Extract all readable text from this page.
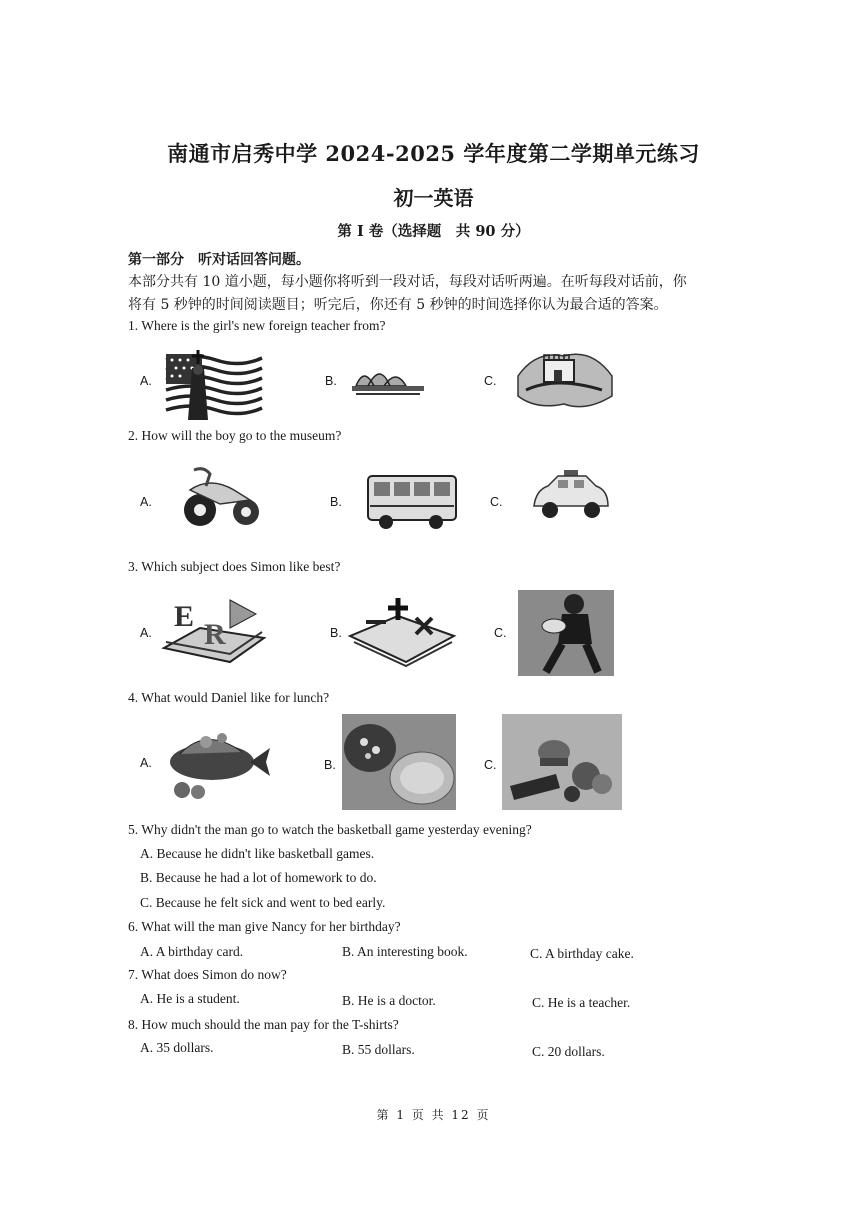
南通市启秀中学 2024-2025 学年度第二学期单元练习
初一英语
第 I 卷（选择题　共 90 分）
第一部分　听对话回答问题。
本部分共有 10 道小题，每小题你将听到一段对话，每段对话听两遍。在听每段对话前，你
将有 5 秒钟的时间阅读题目；听完后，你还有 5 秒钟的时间选择你认为最合适的答案。
1. Where is the girl's new foreign teacher from?
A.	B.	C.
2. How will the boy go to the museum?
A.	B.	C.
3. Which subject does Simon like best?
A. E
R	B.	C.
4. What would Daniel like for lunch?
A.	B.	C.
5. Why didn't the man go to watch the basketball game yesterday evening?
A. Because he didn't like basketball games.
B. Because he had a lot of homework to do.
C. Because he felt sick and went to bed early.
6. What will the man give Nancy for her birthday?
A. A birthday card.	B. An interesting book.	C. A birthday cake.
7. What does Simon do now?
A. He is a student.	B. He is a doctor.	C. He is a teacher.
8. How much should the man pay for the T-shirts?
A. 35 dollars.	B. 55 dollars.	C. 20 dollars.
第 1 页 共 12 页
